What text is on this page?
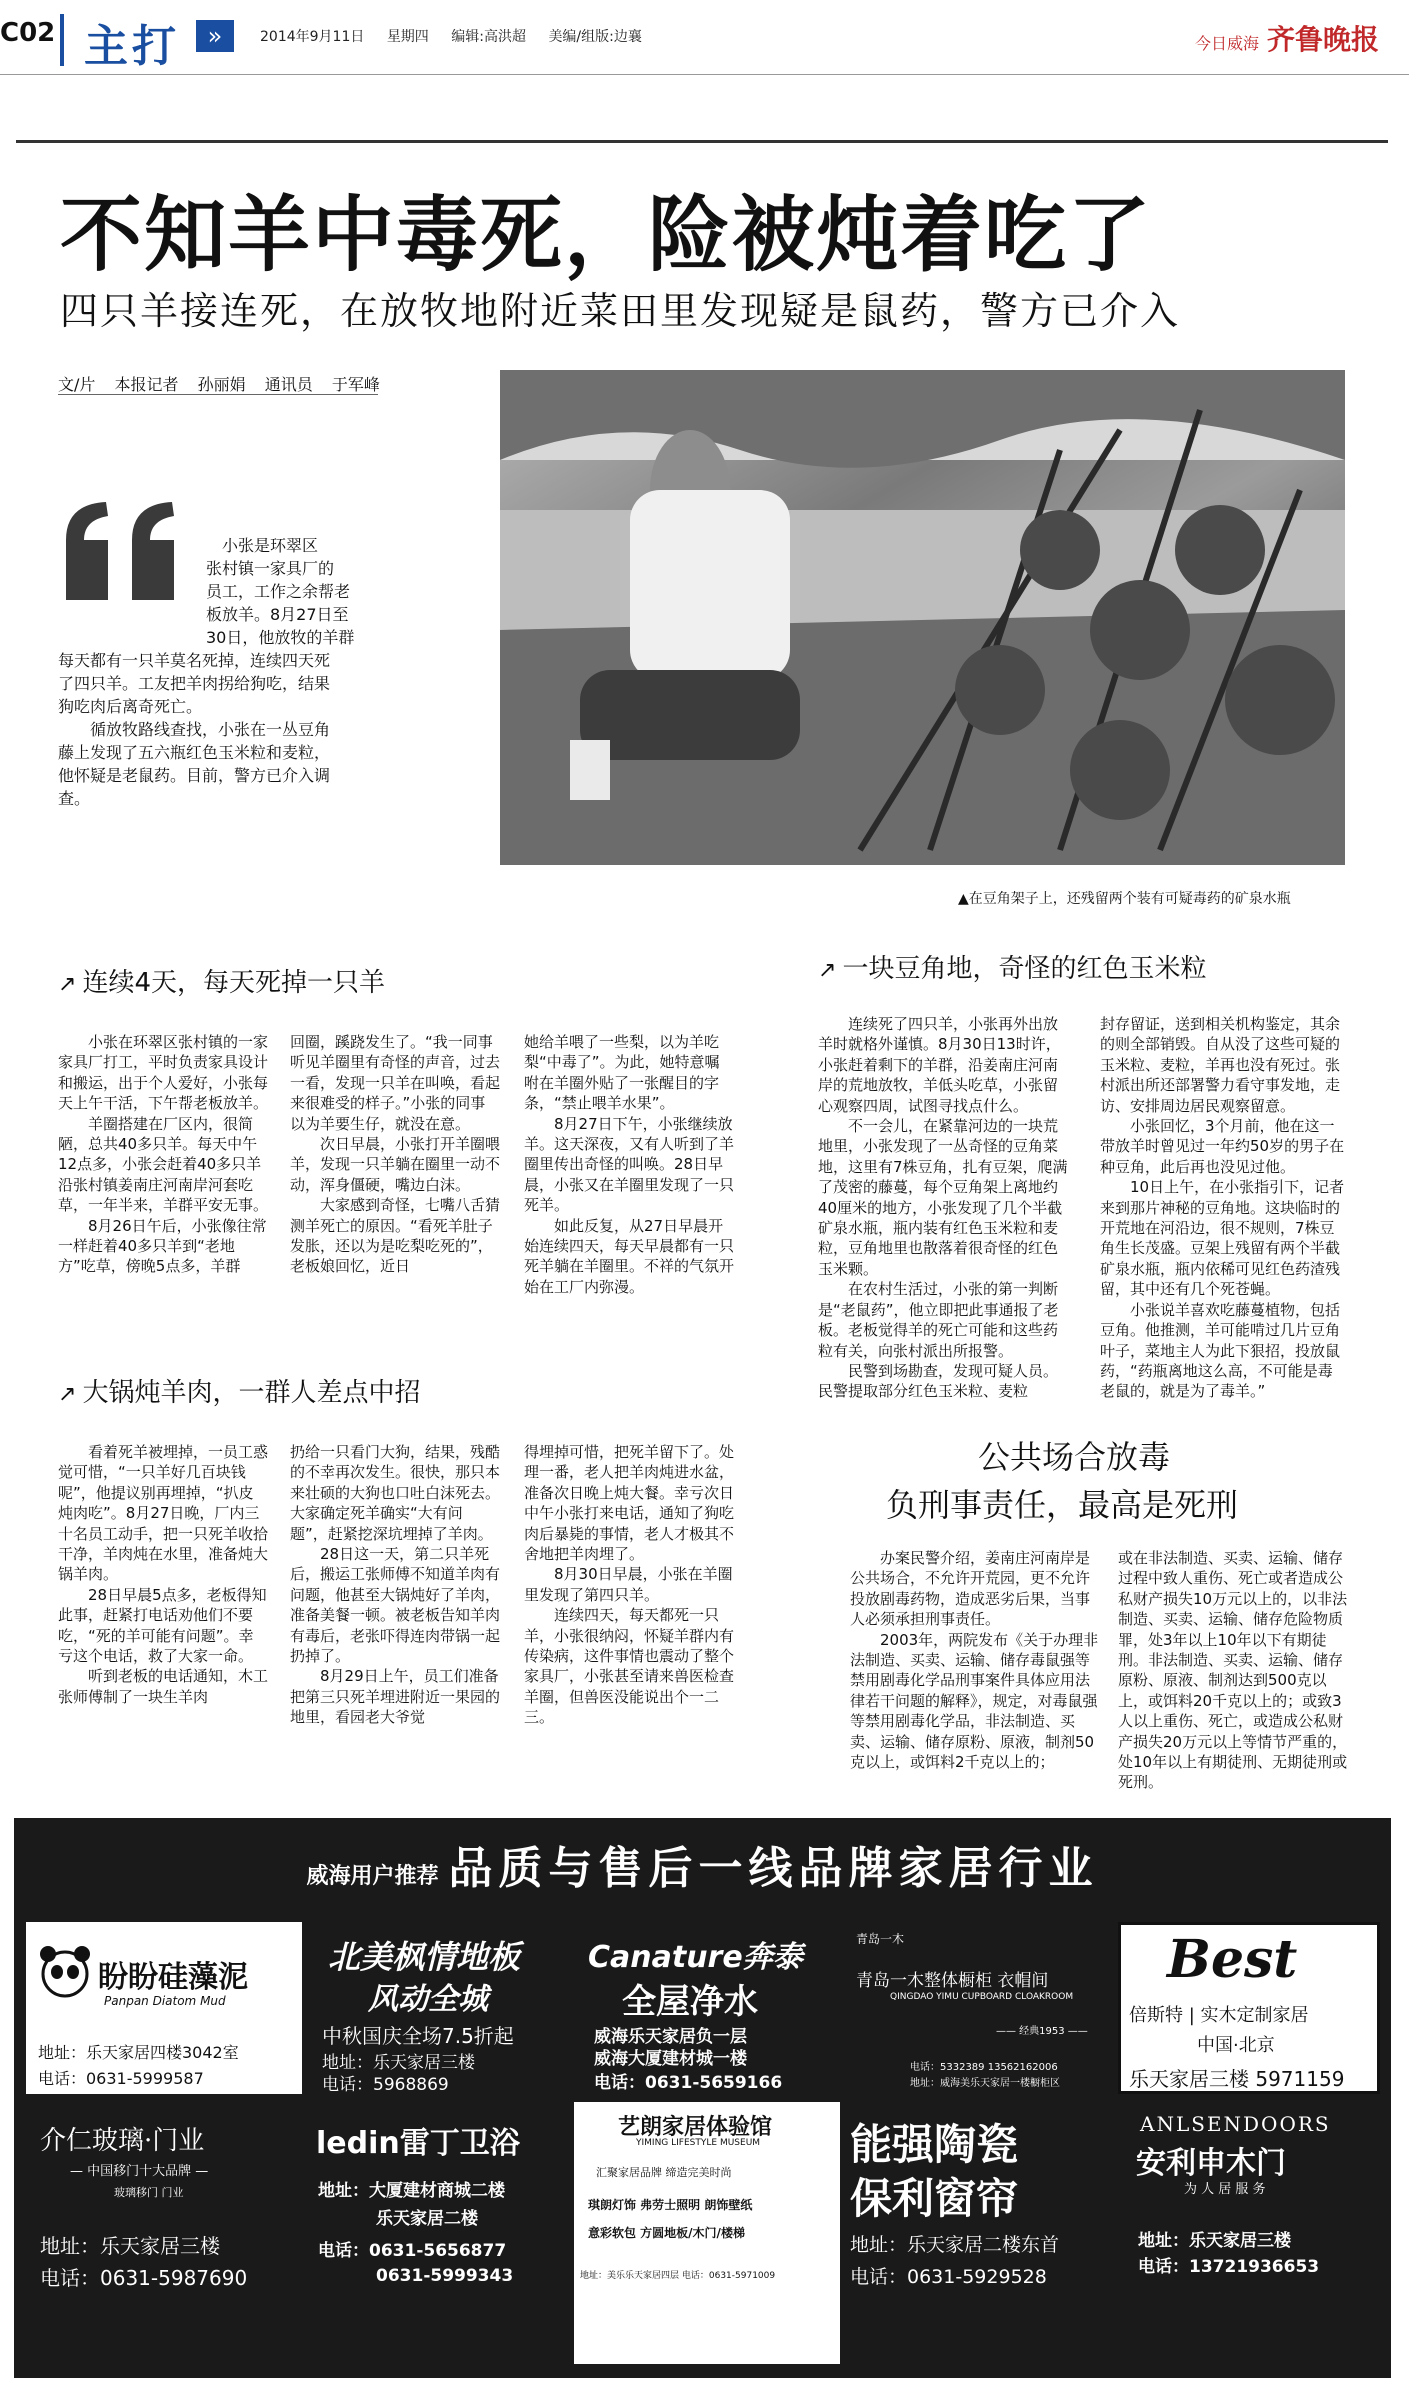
C02 主打	»	2014年9月11日 星期四 编辑:高洪超 美编/组版:边襄	今日威海 齐鲁晚报
不知羊中毒死，险被炖着吃了
四只羊接连死，在放牧地附近菜田里发现疑是鼠药，警方已介入
文/片 本报记者 孙丽娟 通讯员 于军峰
小张是环翠区
张村镇一家具厂的
员工，工作之余帮老
板放羊。8月27日至
30日，他放牧的羊群
每天都有一只羊莫名死掉，连续四天死
了四只羊。工友把羊肉拐给狗吃，结果
狗吃肉后离奇死亡。
循放牧路线查找，小张在一丛豆角
藤上发现了五六瓶红色玉米粒和麦粒，
他怀疑是老鼠药。目前，警方已介入调
查。
▲在豆角架子上，还残留两个装有可疑毒药的矿泉水瓶
↗ 连续4天，每天死掉一只羊
↗ 大锅炖羊肉，一群人差点中招
↗ 一块豆角地，奇怪的红色玉米粒

小张在环翠区张村镇的一家家具厂打工，平时负责家具设计和搬运，出于个人爱好，小张每天上午干活，下午帮老板放羊。

羊圈搭建在厂区内，很简陋，总共40多只羊。每天中午12点多，小张会赶着40多只羊沿张村镇姜南庄河南岸河套吃草，一年半来，羊群平安无事。

8月26日午后，小张像往常一样赶着40多只羊到“老地方”吃草，傍晚5点多，羊群

回圈，蹊跷发生了。“我一同事听见羊圈里有奇怪的声音，过去一看，发现一只羊在叫唤，看起来很难受的样子。”小张的同事以为羊要生仔，就没在意。

次日早晨，小张打开羊圈喂羊，发现一只羊躺在圈里一动不动，浑身僵硬，嘴边白沫。

大家感到奇怪，七嘴八舌猜测羊死亡的原因。“看死羊肚子发胀，还以为是吃梨吃死的”，老板娘回忆，近日

她给羊喂了一些梨，以为羊吃梨“中毒了”。为此，她特意嘱咐在羊圈外贴了一张醒目的字条，“禁止喂羊水果”。

8月27日下午，小张继续放羊。这天深夜，又有人听到了羊圈里传出奇怪的叫唤。28日早晨，小张又在羊圈里发现了一只死羊。

如此反复，从27日早晨开始连续四天，每天早晨都有一只死羊躺在羊圈里。不祥的气氛开始在工厂内弥漫。

看着死羊被埋掉，一员工惑觉可惜，“一只羊好几百块钱呢”，他提议别再埋掉，“扒皮炖肉吃”。8月27日晚，厂内三十名员工动手，把一只死羊收拾干净，羊肉炖在水里，准备炖大锅羊肉。

28日早晨5点多，老板得知此事，赶紧打电话劝他们不要吃，“死的羊可能有问题”。幸亏这个电话，救了大家一命。

听到老板的电话通知，木工张师傅制了一块生羊肉

扔给一只看门大狗，结果，残酷的不幸再次发生。很快，那只本来壮硕的大狗也口吐白沫死去。大家确定死羊确实“大有问题”，赶紧挖深坑埋掉了羊肉。

28日这一天，第二只羊死后，搬运工张师傅不知道羊肉有问题，他甚至大锅炖好了羊肉，准备美餐一顿。被老板告知羊肉有毒后，老张吓得连肉带锅一起扔掉了。

8月29日上午，员工们准备把第三只死羊埋进附近一果园的地里，看园老大爷觉

得埋掉可惜，把死羊留下了。处理一番，老人把羊肉炖进水盆，准备次日晚上炖大餐。幸亏次日中午小张打来电话，通知了狗吃肉后暴毙的事情，老人才极其不舍地把羊肉埋了。

8月30日早晨，小张在羊圈里发现了第四只羊。

连续四天，每天都死一只羊，小张很纳闷，怀疑羊群内有传染病，这件事情也震动了整个家具厂，小张甚至请来兽医检查羊圈，但兽医没能说出个一二三。

连续死了四只羊，小张再外出放羊时就格外谨慎。8月30日13时许，小张赶着剩下的羊群，沿姜南庄河南岸的荒地放牧，羊低头吃草，小张留心观察四周，试图寻找点什么。

不一会儿，在紧靠河边的一块荒地里，小张发现了一丛奇怪的豆角菜地，这里有7株豆角，扎有豆架，爬满了茂密的藤蔓，每个豆角架上离地约40厘米的地方，小张发现了几个半截矿泉水瓶，瓶内装有红色玉米粒和麦粒，豆角地里也散落着很奇怪的红色玉米颗。

在农村生活过，小张的第一判断是“老鼠药”，他立即把此事通报了老板。老板觉得羊的死亡可能和这些药粒有关，向张村派出所报警。

民警到场勘查，发现可疑人员。民警提取部分红色玉米粒、麦粒

封存留证，送到相关机构鉴定，其余的则全部销毁。自从没了这些可疑的玉米粒、麦粒，羊再也没有死过。张村派出所还部署警力看守事发地，走访、安排周边居民观察留意。

小张回忆，3个月前，他在这一带放羊时曾见过一年约50岁的男子在种豆角，此后再也没见过他。

10日上午，在小张指引下，记者来到那片神秘的豆角地。这块临时的开荒地在河沿边，很不规则，7株豆角生长茂盛。豆架上残留有两个半截矿泉水瓶，瓶内依稀可见红色药渣残留，其中还有几个死苍蝇。

小张说羊喜欢吃藤蔓植物，包括豆角。他推测，羊可能啃过几片豆角叶子，菜地主人为此下狠招，投放鼠药，“药瓶离地这么高，不可能是毒老鼠的，就是为了毒羊。”

公共场合放毒
负刑事责任，最高是死刑

办案民警介绍，姜南庄河南岸是公共场合，不允许开荒园，更不允许投放剧毒药物，造成恶劣后果，当事人必须承担刑事责任。

2003年，两院发布《关于办理非法制造、买卖、运输、储存毒鼠强等禁用剧毒化学品刑事案件具体应用法律若干问题的解释》，规定，对毒鼠强等禁用剧毒化学品，非法制造、买卖、运输、储存原粉、原液，制剂50克以上，或饵料2千克以上的；

或在非法制造、买卖、运输、储存过程中致人重伤、死亡或者造成公私财产损失10万元以上的，以非法制造、买卖、运输、储存危险物质罪，处3年以上10年以下有期徒刑。非法制造、买卖、运输、储存原粉、原液、制剂达到500克以上，或饵料20千克以上的；或致3人以上重伤、死亡，或造成公私财产损失20万元以上等情节严重的，处10年以上有期徒刑、无期徒刑或死刑。

威海用户推荐 品质与售后一线品牌家居行业
盼盼硅藻泥
Panpan Diatom Mud
地址：乐天家居四楼3042室
电话：0631-5999587
北美枫情地板
风动全城
中秋国庆全场7.5折起
地址：乐天家居三楼
电话：5968869
Canature奔泰
全屋净水
威海乐天家居负一层
威海大厦建材城一楼
电话：0631-5659166
青岛一木
青岛一木整体橱柜 衣帽间
QINGDAO YIMU CUPBOARD CLOAKROOM
—— 经典1953 ——
电话：5332389 13562162006
地址：威海美乐天家居一楼橱柜区
Best
倍斯特 | 实木定制家居
中国·北京
乐天家居三楼 5971159
介仁玻璃·门业
— 中国移门十大品牌 —
玻璃移门 门业
地址：乐天家居三楼
电话：0631-5987690
ledin雷丁卫浴
地址：大厦建材商城二楼
乐天家居二楼
电话：0631-5656877
0631-5999343
艺朗家居体验馆
YIMING LIFESTYLE MUSEUM
汇聚家居品牌 缔造完美时尚
琪朗灯饰 弗劳士照明 朗饰壁纸
意彩软包 方圆地板/木门/楼梯
地址：美乐乐天家居四层 电话：0631-5971009
能强陶瓷
保利窗帘
地址：乐天家居二楼东首
电话：0631-5929528
ANLSENDOORS
安利申木门
为 人 居 服 务
地址：乐天家居三楼
电话：13721936653
